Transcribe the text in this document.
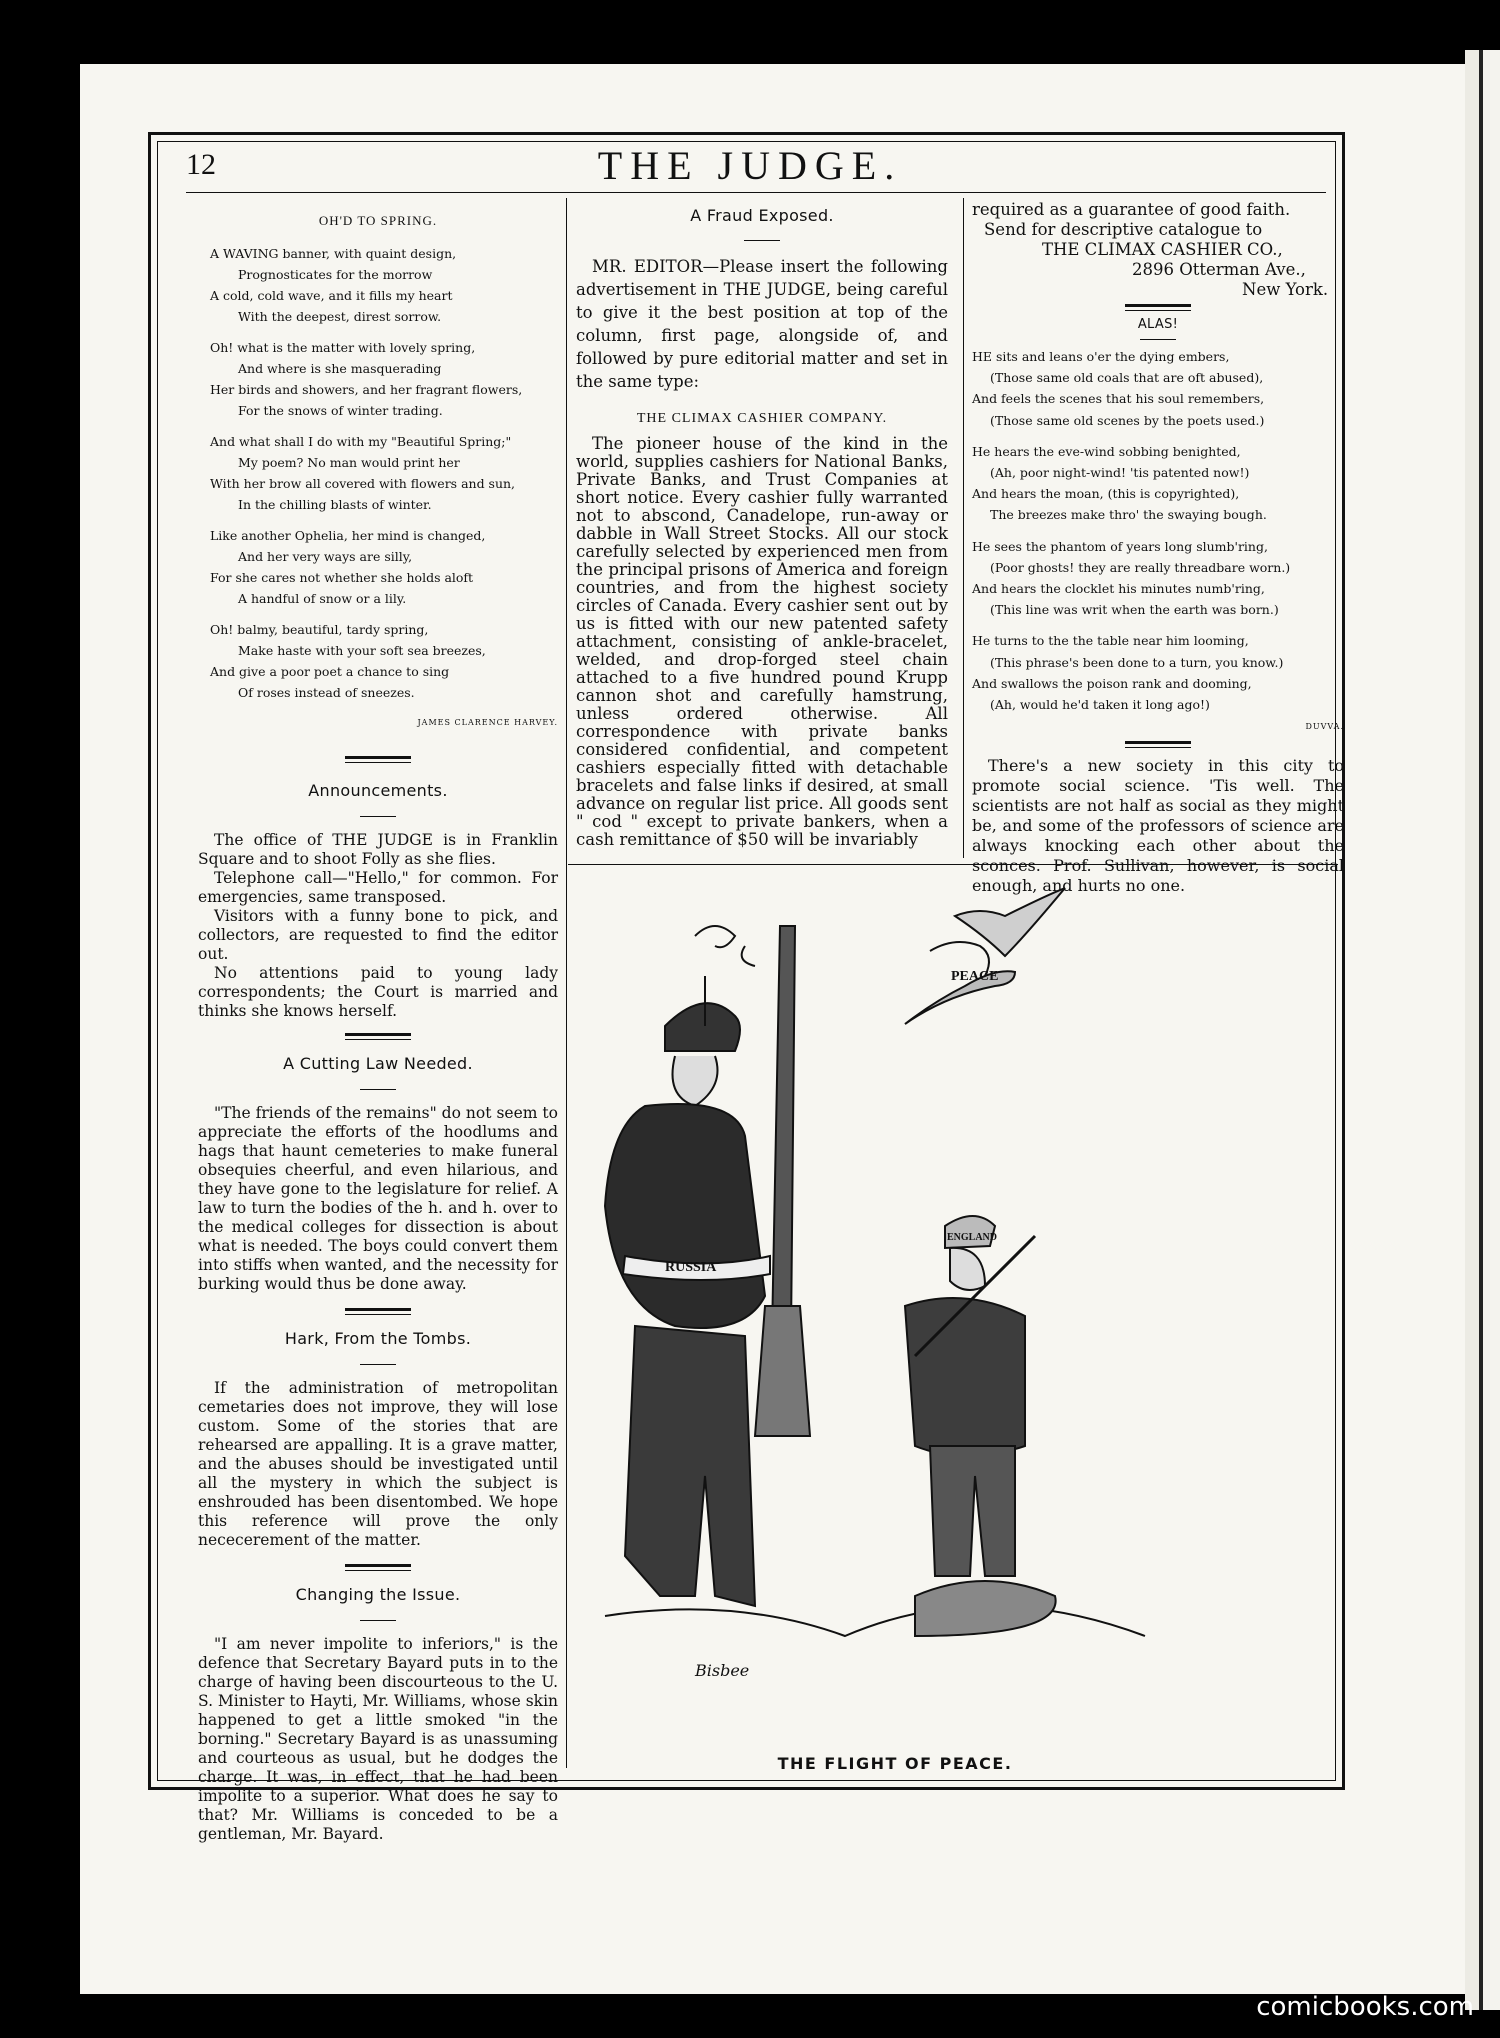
12	THE JUDGE.
OH'D TO SPRING.
A WAVING banner, with quaint design,
Prognosticates for the morrow
A cold, cold wave, and it fills my heart
With the deepest, direst sorrow.
Oh! what is the matter with lovely spring,
And where is she masquerading
Her birds and showers, and her fragrant flowers,
For the snows of winter trading.
And what shall I do with my "Beautiful Spring;"
My poem? No man would print her
With her brow all covered with flowers and sun,
In the chilling blasts of winter.
Like another Ophelia, her mind is changed,
And her very ways are silly,
For she cares not whether she holds aloft
A handful of snow or a lily.
Oh! balmy, beautiful, tardy spring,
Make haste with your soft sea breezes,
And give a poor poet a chance to sing
Of roses instead of sneezes.
JAMES CLARENCE HARVEY.
Announcements.

The office of THE JUDGE is in Franklin Square and to shoot Folly as she flies.

Telephone call—"Hello," for common. For emergencies, same transposed.

Visitors with a funny bone to pick, and collectors, are requested to find the editor out.

No attentions paid to young lady correspondents; the Court is married and thinks she knows herself.

A Cutting Law Needed.

"The friends of the remains" do not seem to appreciate the efforts of the hoodlums and hags that haunt cemeteries to make funeral obsequies cheerful, and even hilarious, and they have gone to the legislature for relief. A law to turn the bodies of the h. and h. over to the medical colleges for dissection is about what is needed. The boys could convert them into stiffs when wanted, and the necessity for burking would thus be done away.

Hark, From the Tombs.

If the administration of metropolitan cemetaries does not improve, they will lose custom. Some of the stories that are rehearsed are appalling. It is a grave matter, and the abuses should be investigated until all the mystery in which the subject is enshrouded has been disentombed. We hope this reference will prove the only nececerement of the matter.

Changing the Issue.

"I am never impolite to inferiors," is the defence that Secretary Bayard puts in to the charge of having been discourteous to the U. S. Minister to Hayti, Mr. Williams, whose skin happened to get a little smoked "in the borning." Secretary Bayard is as unassuming and courteous as usual, but he dodges the charge. It was, in effect, that he had been impolite to a superior. What does he say to that? Mr. Williams is conceded to be a gentleman, Mr. Bayard.

A Fraud Exposed.

MR. EDITOR—Please insert the following advertisement in THE JUDGE, being careful to give it the best position at top of the column, first page, alongside of, and followed by pure editorial matter and set in the same type:

THE CLIMAX CASHIER COMPANY.

The pioneer house of the kind in the world, supplies cashiers for National Banks, Private Banks, and Trust Companies at short notice. Every cashier fully warranted not to abscond, Canadelope, run-away or dabble in Wall Street Stocks. All our stock carefully selected by experienced men from the principal prisons of America and foreign countries, and from the highest society circles of Canada. Every cashier sent out by us is fitted with our new patented safety attachment, consisting of ankle-bracelet, welded, and drop-forged steel chain attached to a five hundred pound Krupp cannon shot and carefully hamstrung, unless ordered otherwise. All correspondence with private banks considered confidential, and competent cashiers especially fitted with detachable bracelets and false links if desired, at small advance on regular list price. All goods sent " cod " except to private bankers, when a cash remittance of $50 will be invariably

required as a guarantee of good faith.
Send for descriptive catalogue to
THE CLIMAX CASHIER CO.,
2896 Otterman Ave.,
New York.
ALAS!
HE sits and leans o'er the dying embers,
(Those same old coals that are oft abused),
And feels the scenes that his soul remembers,
(Those same old scenes by the poets used.)
He hears the eve-wind sobbing benighted,
(Ah, poor night-wind! 'tis patented now!)
And hears the moan, (this is copyrighted),
The breezes make thro' the swaying bough.
He sees the phantom of years long slumb'ring,
(Poor ghosts! they are really threadbare worn.)
And hears the clocklet his minutes numb'ring,
(This line was writ when the earth was born.)
He turns to the the table near him looming,
(This phrase's been done to a turn, you know.)
And swallows the poison rank and dooming,
(Ah, would he'd taken it long ago!)
DUVVA.

There's a new society in this city to promote social science. 'Tis well. The scientists are not half as social as they might be, and some of the professors of science are always knocking each other about the sconces. Prof. Sullivan, however, is social enough, and hurts no one.

PEACE
RUSSIA
ENGLAND
Bisbee
THE FLIGHT OF PEACE.
comicbooks.com
